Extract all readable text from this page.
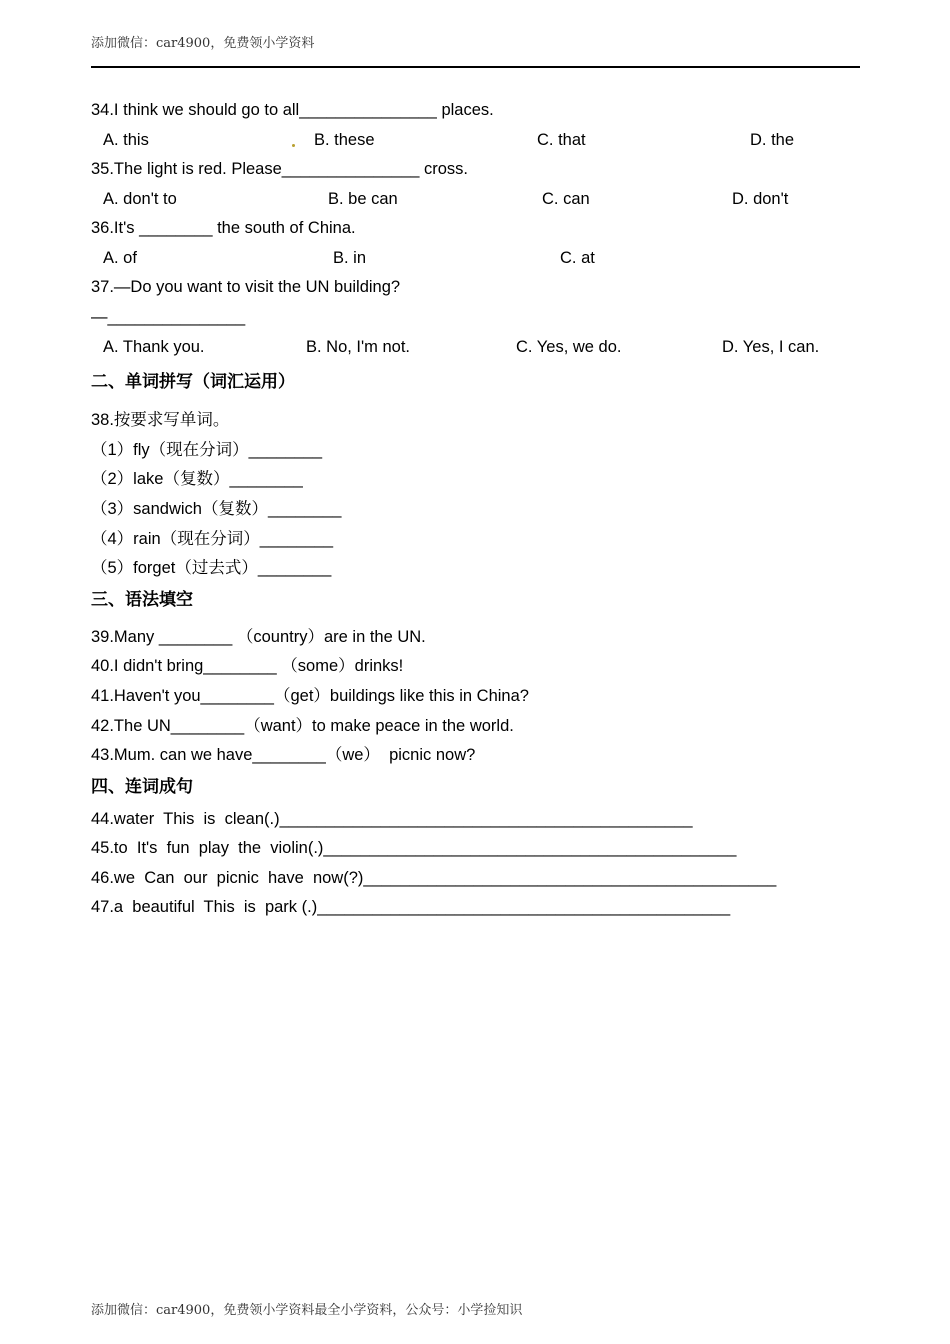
添加微信：car4900，免费领小学资料
34.I think we should go to all_______________ places.
A. this	B. these	C. that	D. the
35.The light is red. Please_______________ cross.
A. don't to	B. be can	C. can	D. don't
36.It's ________ the south of China.
A. of	B. in	C. at
37.—Do you want to visit the UN building?
—_______________
A. Thank you.	B. No, I'm not.	C. Yes, we do.	D. Yes, I can.
二、单词拼写（词汇运用）
38.按要求写单词。
（1）fly（现在分词）________
（2）lake（复数）________
（3）sandwich（复数）________
（4）rain（现在分词）________
（5）forget（过去式）________
三、语法填空
39.Many ________ （country）are in the UN.
40.I didn't bring________ （some）drinks!
41.Haven't you________（get）buildings like this in China?
42.The UN________（want）to make peace in the world.
43.Mum. can we have________（we）  picnic now?
四、连词成句
44.water  This  is  clean(.)_____________________________________________
45.to  It's  fun  play  the  violin(.)_____________________________________________
46.we  Can  our  picnic  have  now(?)_____________________________________________
47.a  beautiful  This  is  park (.)_____________________________________________
添加微信：car4900，免费领小学资料最全小学资料，公众号：小学捡知识
